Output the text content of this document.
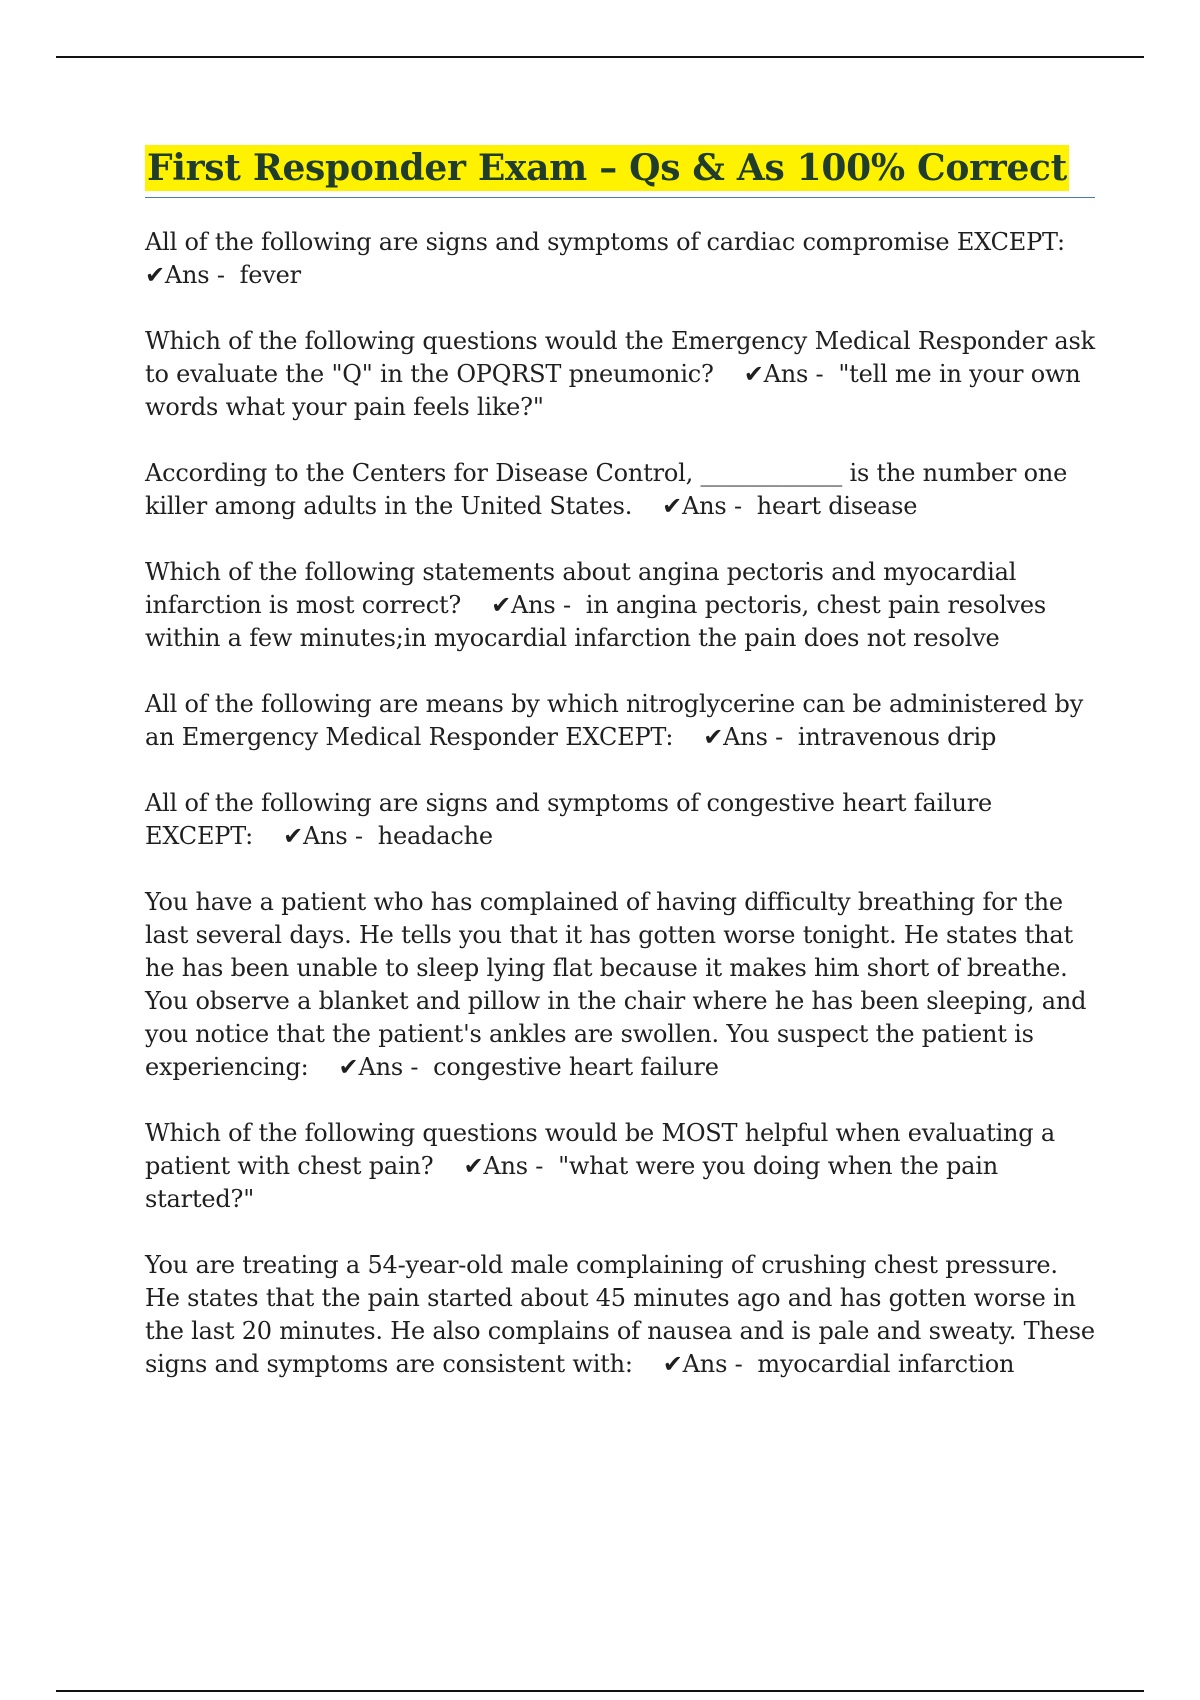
First Responder Exam – Qs & As 100% Correct

All of the following are signs and symptoms of cardiac compromise EXCEPT:
✔Ans - fever

Which of the following questions would the Emergency Medical Responder ask to evaluate the "Q" in the OPQRST pneumonic? ✔Ans - "tell me in your own words what your pain feels like?"

According to the Centers for Disease Control, ____________ is the number one killer among adults in the United States. ✔Ans - heart disease

Which of the following statements about angina pectoris and myocardial infarction is most correct? ✔Ans - in angina pectoris, chest pain resolves within a few minutes;in myocardial infarction the pain does not resolve

All of the following are means by which nitroglycerine can be administered by an Emergency Medical Responder EXCEPT: ✔Ans - intravenous drip

All of the following are signs and symptoms of congestive heart failure EXCEPT: ✔Ans - headache

You have a patient who has complained of having difficulty breathing for the last several days. He tells you that it has gotten worse tonight. He states that he has been unable to sleep lying flat because it makes him short of breathe. You observe a blanket and pillow in the chair where he has been sleeping, and you notice that the patient's ankles are swollen. You suspect the patient is experiencing: ✔Ans - congestive heart failure

Which of the following questions would be MOST helpful when evaluating a patient with chest pain? ✔Ans - "what were you doing when the pain started?"

You are treating a 54-year-old male complaining of crushing chest pressure. He states that the pain started about 45 minutes ago and has gotten worse in the last 20 minutes. He also complains of nausea and is pale and sweaty. These signs and symptoms are consistent with: ✔Ans - myocardial infarction
